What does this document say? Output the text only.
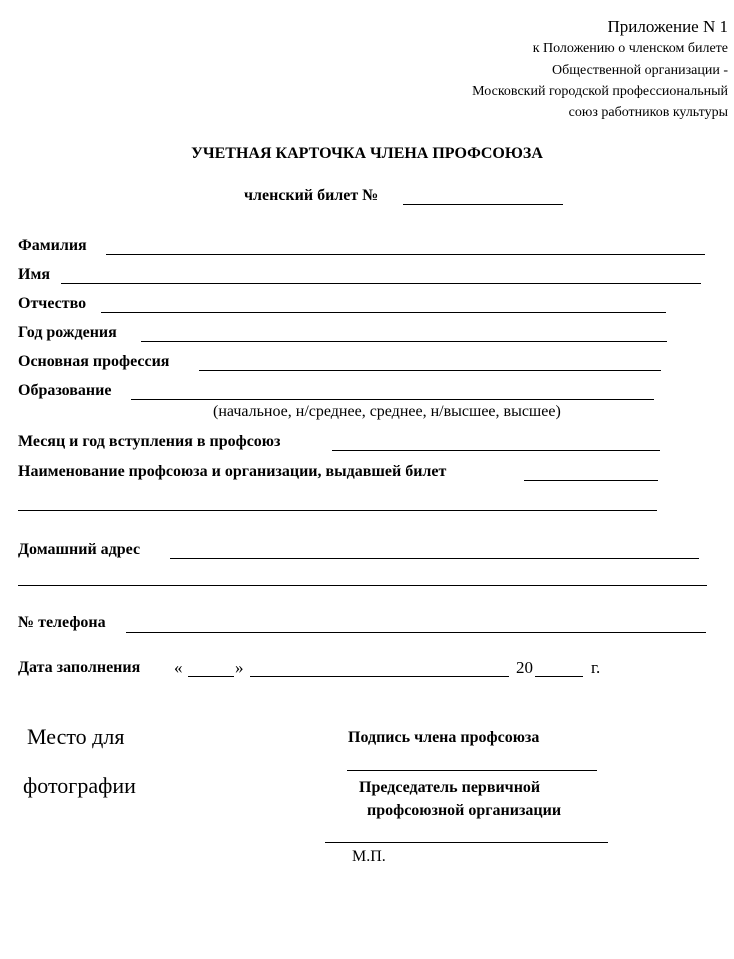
Приложение N 1
к Положению о членском билете
Общественной организации -
Московский городской профессиональный
союз работников культуры
УЧЕТНАЯ КАРТОЧКА ЧЛЕНА ПРОФСОЮЗА
членский билет №
Фамилия
Имя
Отчество
Год рождения
Основная профессия
Образование
(начальное, н/среднее, среднее, н/высшее, высшее)
Месяц и год вступления в профсоюз
Наименование профсоюза и организации, выдавшей билет
Домашний адрес
№ телефона
Дата заполнения «	»	20	г.
Место для
фотографии
Подпись члена профсоюза
Председатель первичной
профсоюзной организации
М.П.
